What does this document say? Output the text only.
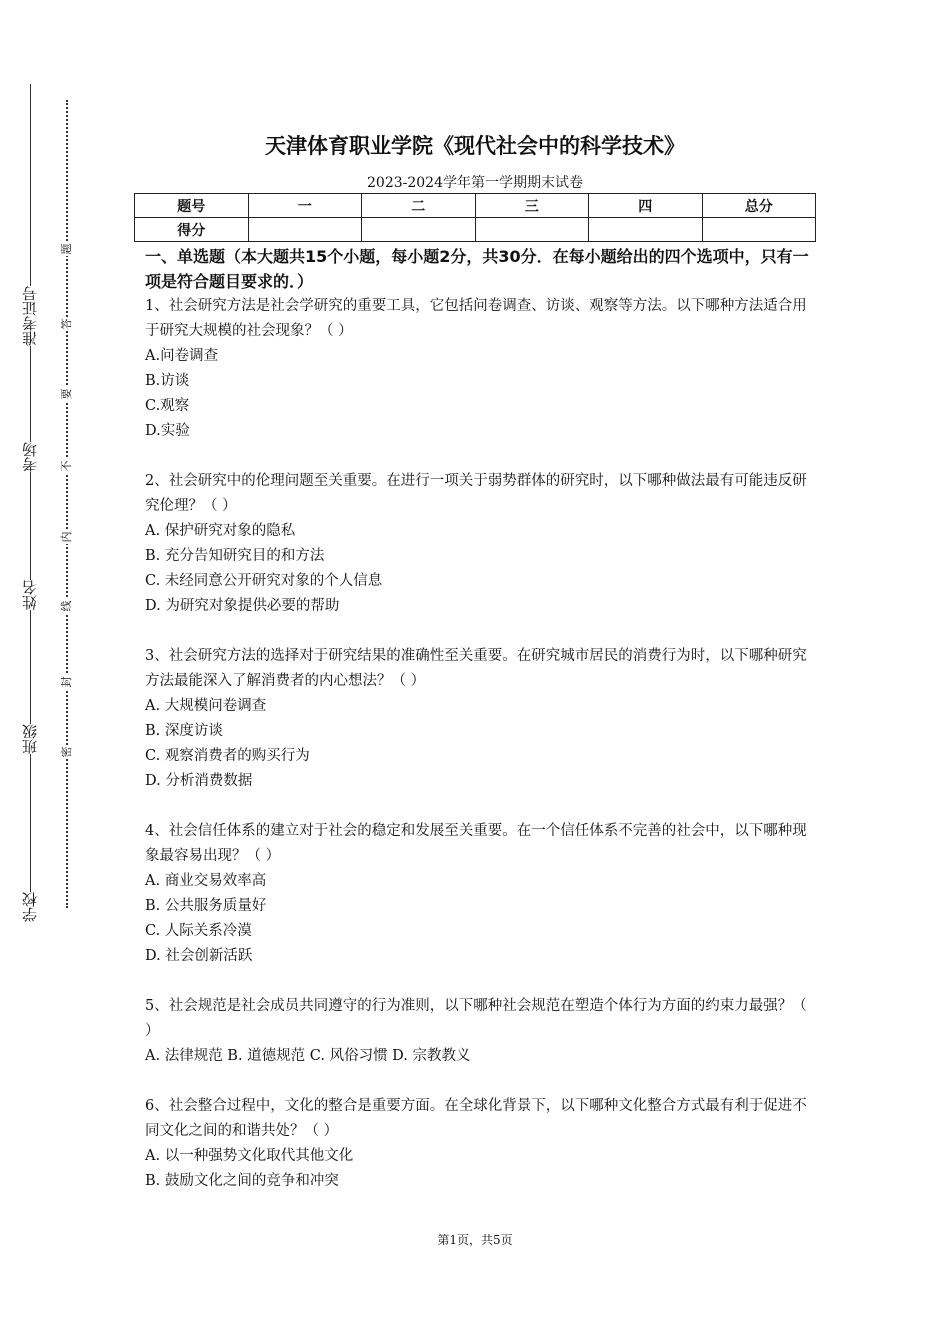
准考证号
考场
姓名
班级
学校
题
答
要
不
内
线
封
密
天津体育职业学院《现代社会中的科学技术》
2023-2024学年第一学期期末试卷
题号	一	二	三	四	总分
得分					
一、单选题（本大题共15个小题，每小题2分，共30分．在每小题给出的四个选项中，只有一项是符合题目要求的．）

1、社会研究方法是社会学研究的重要工具，它包括问卷调查、访谈、观察等方法。以下哪种方法适合用于研究大规模的社会现象？（ ）

A.问卷调查

B.访谈

C.观察

D.实验

2、社会研究中的伦理问题至关重要。在进行一项关于弱势群体的研究时，以下哪种做法最有可能违反研究伦理？（ ）

A. 保护研究对象的隐私

B. 充分告知研究目的和方法

C. 未经同意公开研究对象的个人信息

D. 为研究对象提供必要的帮助

3、社会研究方法的选择对于研究结果的准确性至关重要。在研究城市居民的消费行为时，以下哪种研究方法最能深入了解消费者的内心想法？（ ）

A. 大规模问卷调查

B. 深度访谈

C. 观察消费者的购买行为

D. 分析消费数据

4、社会信任体系的建立对于社会的稳定和发展至关重要。在一个信任体系不完善的社会中，以下哪种现象最容易出现？（ ）

A. 商业交易效率高

B. 公共服务质量好

C. 人际关系冷漠

D. 社会创新活跃

5、社会规范是社会成员共同遵守的行为准则，以下哪种社会规范在塑造个体行为方面的约束力最强？（ ）

A. 法律规范 B. 道德规范 C. 风俗习惯 D. 宗教教义

6、社会整合过程中，文化的整合是重要方面。在全球化背景下，以下哪种文化整合方式最有利于促进不同文化之间的和谐共处？（ ）

A. 以一种强势文化取代其他文化

B. 鼓励文化之间的竞争和冲突

第1页，共5页
